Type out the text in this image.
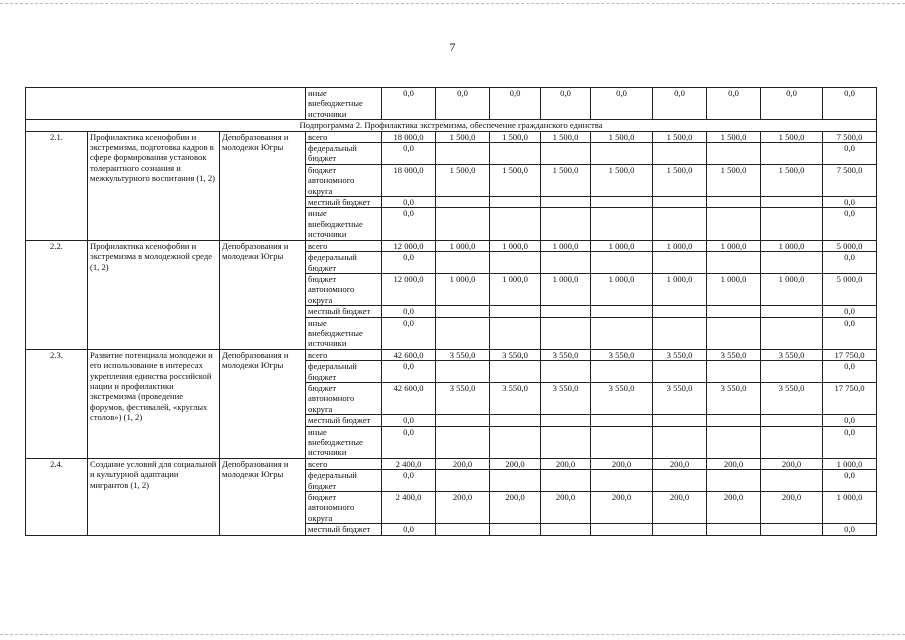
7
			иные внебюджетные источники	0,0	0,0	0,0	0,0	0,0	0,0	0,0	0,0	0,0
Подпрограмма 2. Профилактика экстремизма, обеспечение гражданского единства												
2.1.	Профилактика ксенофобии и экстремизма, подготовка кадров в сфере формирования установок толерантного сознания и межкультурного воспитания (1, 2)	Депобразования и молодежи Югры	всего	18 000,0	1 500,0	1 500,0	1 500,0	1 500,0	1 500,0	1 500,0	1 500,0	7 500,0
			федеральный бюджет	0,0								0,0
			бюджет автономного округа	18 000,0	1 500,0	1 500,0	1 500,0	1 500,0	1 500,0	1 500,0	1 500,0	7 500,0
			местный бюджет	0,0								0,0
			иные внебюджетные источники	0,0								0,0
2.2.	Профилактика ксенофобии и экстремизма в молодежной среде (1, 2)	Депобразования и молодежи Югры	всего	12 000,0	1 000,0	1 000,0	1 000,0	1 000,0	1 000,0	1 000,0	1 000,0	5 000,0
			федеральный бюджет	0,0								0,0
			бюджет автономного округа	12 000,0	1 000,0	1 000,0	1 000,0	1 000,0	1 000,0	1 000,0	1 000,0	5 000,0
			местный бюджет	0,0								0,0
			иные внебюджетные источники	0,0								0,0
2.3.	Развитие потенциала молодежи и его использование в интересах укрепления единства российской нации и профилактики экстремизма (проведение форумов, фестивалей, «круглых столов») (1, 2)	Депобразования и молодежи Югры	всего	42 600,0	3 550,0	3 550,0	3 550,0	3 550,0	3 550,0	3 550,0	3 550,0	17 750,0
			федеральный бюджет	0,0								0,0
			бюджет автономного округа	42 600,0	3 550,0	3 550,0	3 550,0	3 550,0	3 550,0	3 550,0	3 550,0	17 750,0
			местный бюджет	0,0								0,0
			иные внебюджетные источники	0,0								0,0
2.4.	Создание условий для социальной и культурной адаптации мигрантов (1, 2)	Депобразования и молодежи Югры	всего	2 400,0	200,0	200,0	200,0	200,0	200,0	200,0	200,0	1 000,0
			федеральный бюджет	0,0								0,0
			бюджет автономного округа	2 400,0	200,0	200,0	200,0	200,0	200,0	200,0	200,0	1 000,0
			местный бюджет	0,0								0,0
